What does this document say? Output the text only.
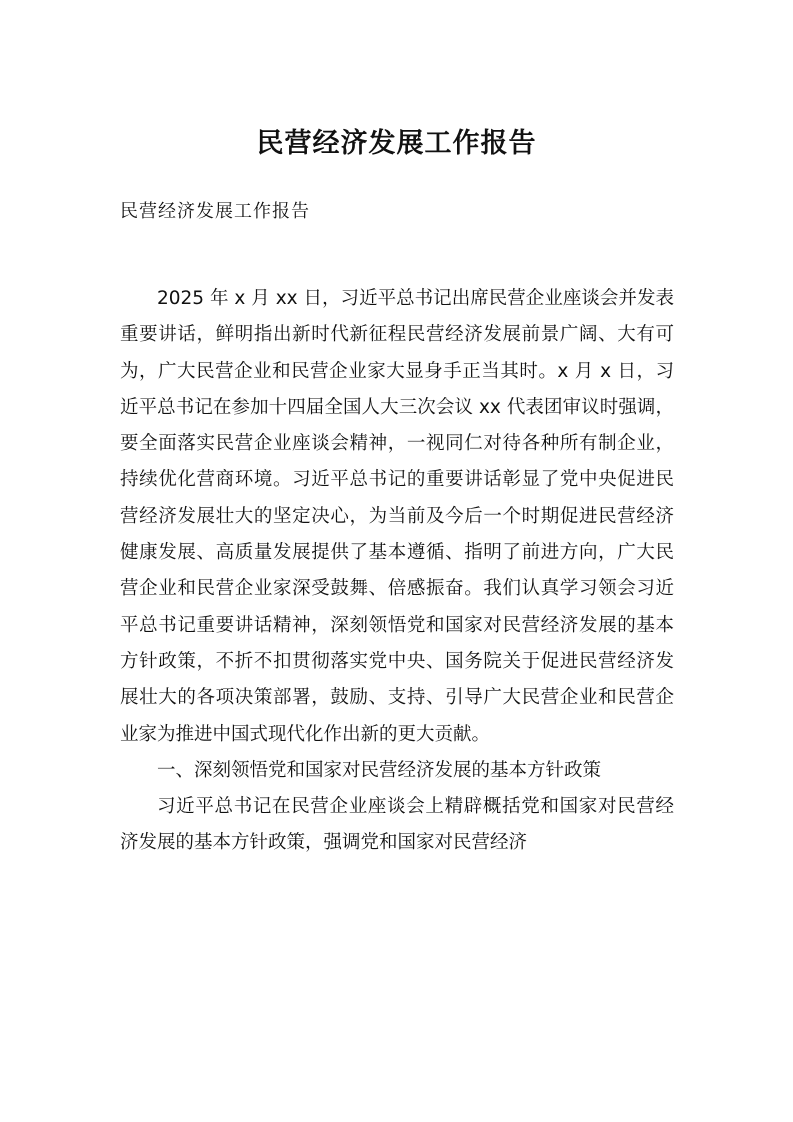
民营经济发展工作报告

民营经济发展工作报告

2025 年 x 月 xx 日，习近平总书记出席民营企业座谈会并发表重要讲话，鲜明指出新时代新征程民营经济发展前景广阔、大有可为，广大民营企业和民营企业家大显身手正当其时。x 月 x 日，习近平总书记在参加十四届全国人大三次会议 xx 代表团审议时强调，要全面落实民营企业座谈会精神，一视同仁对待各种所有制企业，持续优化营商环境。习近平总书记的重要讲话彰显了党中央促进民营经济发展壮大的坚定决心，为当前及今后一个时期促进民营经济健康发展、高质量发展提供了基本遵循、指明了前进方向，广大民营企业和民营企业家深受鼓舞、倍感振奋。我们认真学习领会习近平总书记重要讲话精神，深刻领悟党和国家对民营经济发展的基本方针政策，不折不扣贯彻落实党中央、国务院关于促进民营经济发展壮大的各项决策部署，鼓励、支持、引导广大民营企业和民营企业家为推进中国式现代化作出新的更大贡献。

一、深刻领悟党和国家对民营经济发展的基本方针政策

习近平总书记在民营企业座谈会上精辟概括党和国家对民营经济发展的基本方针政策，强调党和国家对民营经济
